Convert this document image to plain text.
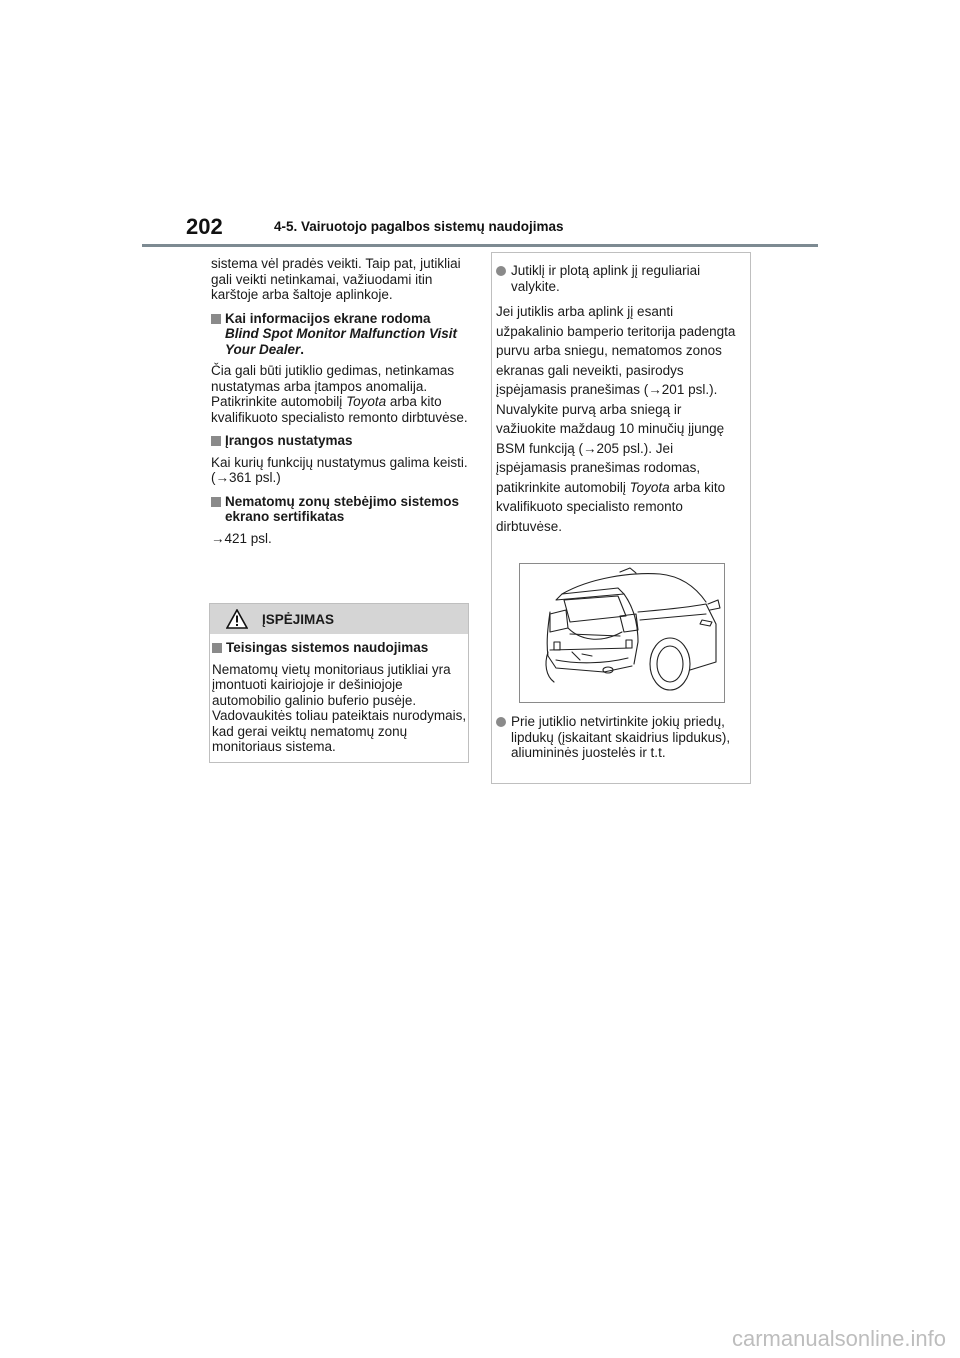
202	4-5. Vairuotojo pagalbos sistemų naudojimas

sistema vėl pradės veikti. Taip pat, jutikliai gali veikti netinkamai, važiuodami itin karštoje arba šaltoje aplinkoje.

Kai informacijos ekrane rodoma
Blind Spot Monitor Malfunction Visit Your Dealer.

Čia gali būti jutiklio gedimas, netinkamas nustatymas arba įtampos anomalija. Patikrinkite automobilį Toyota arba kito kvalifikuoto specialisto remonto dirbtuvėse.

Įrangos nustatymas

Kai kurių funkcijų nustatymus galima keisti. (→361 psl.)

Nematomų zonų stebėjimo sistemos ekrano sertifikatas

→421 psl.

ĮSPĖJIMAS
Teisingas sistemos naudojimas

Nematomų vietų monitoriaus jutikliai yra įmontuoti kairiojoje ir dešiniojoje automobilio galinio buferio pusėje. Vadovaukitės toliau pateiktais nurodymais, kad gerai veiktų nematomų zonų monitoriaus sistema.

Jutiklį ir plotą aplink jį reguliariai valykite.

Jei jutiklis arba aplink jį esanti užpakalinio bamperio teritorija padengta purvu arba sniegu, nematomos zonos ekranas gali neveikti, pasirodys įspėjamasis pranešimas (→201 psl.). Nuvalykite purvą arba sniegą ir važiuokite maždaug 10 minučių įjungę BSM funkciją (→205 psl.). Jei įspėjamasis pranešimas rodomas, patikrinkite automobilį Toyota arba kito kvalifikuoto specialisto remonto dirbtuvėse.

Prie jutiklio netvirtinkite jokių priedų, lipdukų (įskaitant skaidrius lipdukus), aliumininės juostelės ir t.t.
carmanualsonline.info
